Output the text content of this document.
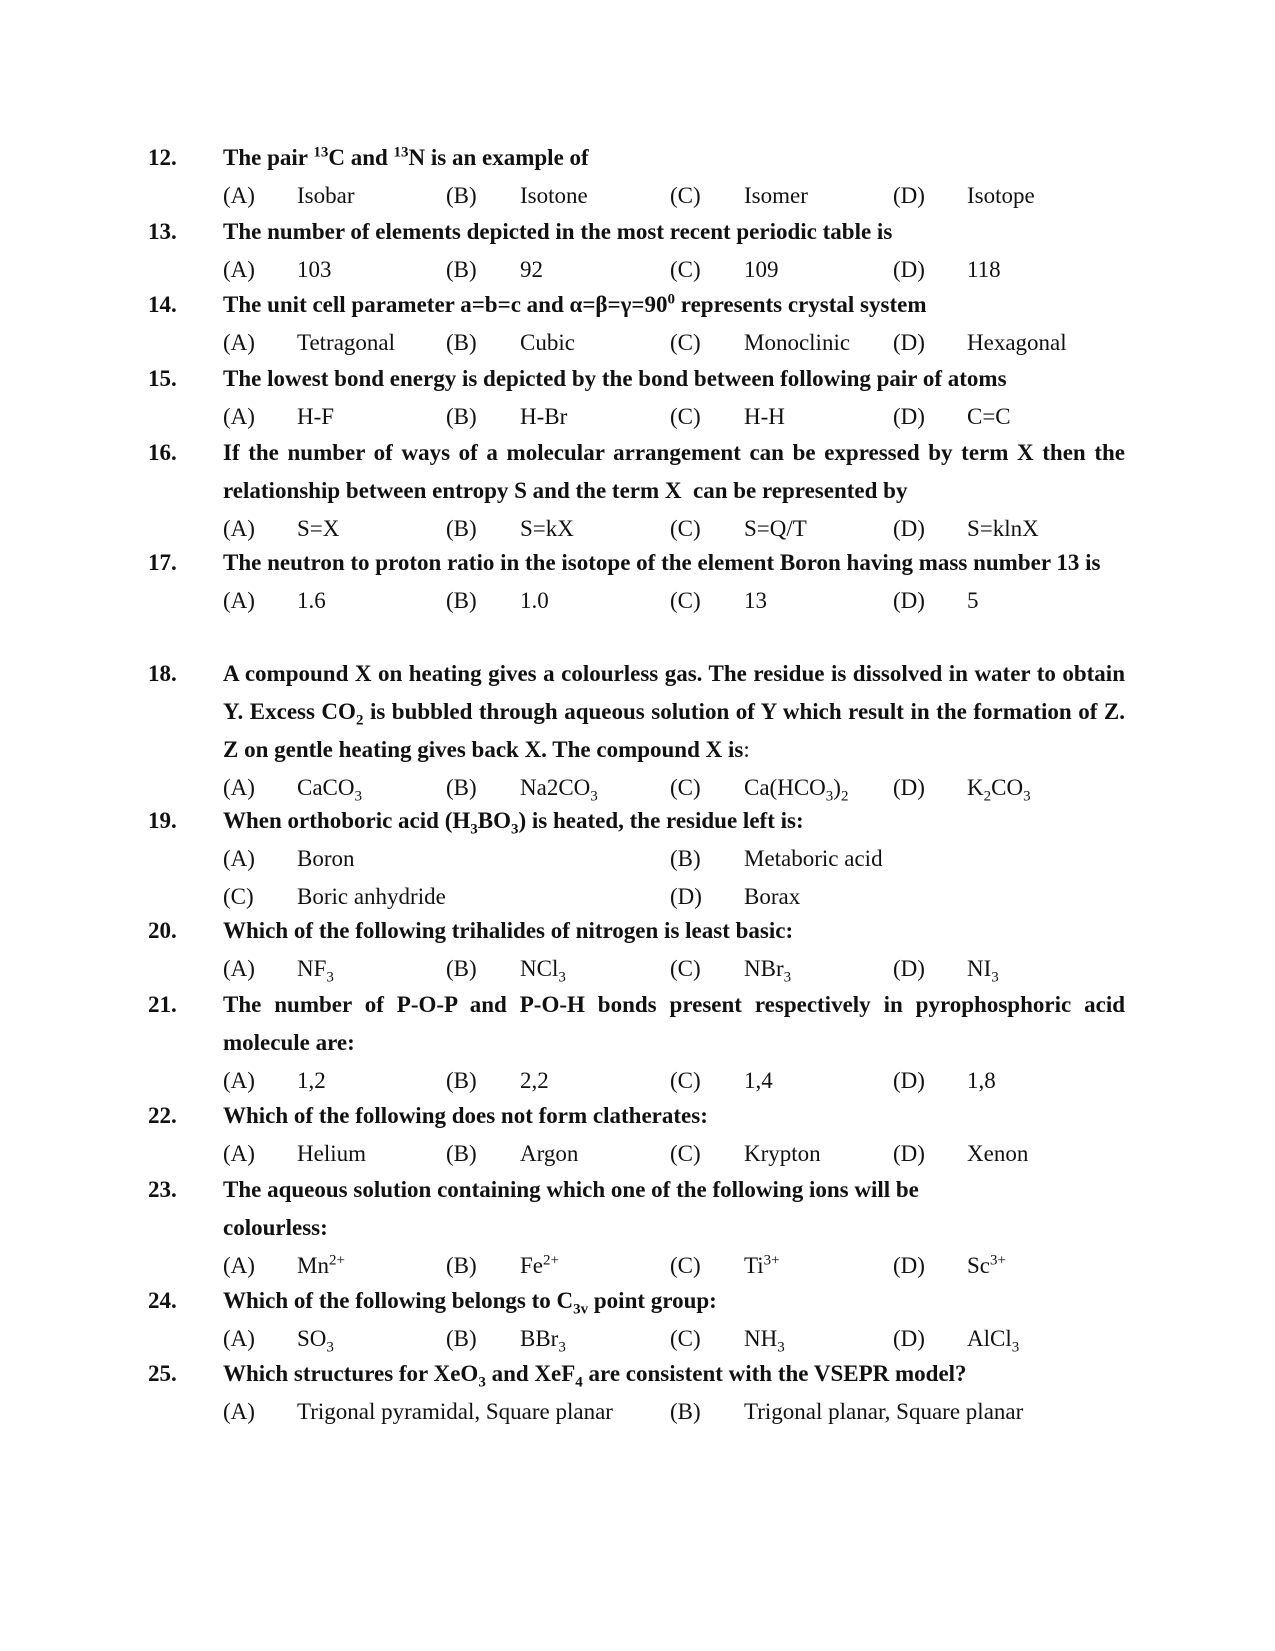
12. The pair $^{13}$C and $^{13}$N is an example of
(A) Isobar	(B) Isotone	(C) Isomer	(D) Isotope
13. The number of elements depicted in the most recent periodic table is
(A) 103	(B) 92	(C) 109	(D) 118
14. The unit cell parameter a=b=c and $\alpha=\beta=\gamma=90^0$ represents crystal system
(A) Tetragonal (B) Cubic	(C) Monoclinic (D) Hexagonal
15. The lowest bond energy is depicted by the bond between following pair of atoms
(A) H-F	(B) H-Br	(C) H-H	(D) C=C
16. If the number of ways of a molecular arrangement can be expressed by term X then the relationship between entropy S and the term X  can be represented by
(A) S=X	(B) S=kX	(C) S=Q/T	(D) S=klnX
17. The neutron to proton ratio in the isotope of the element Boron having mass number 13 is
(A) 1.6	(B) 1.0	(C) 13	(D) 5
18. A compound X on heating gives a colourless gas. The residue is dissolved in water to obtain Y. Excess $CO_2$ is bubbled through aqueous solution of Y which result in the formation of Z. Z on gentle heating gives back X. The compound X is:
(A) CaCO$_3$	(B) $Na2CO_3$	(C) $Ca(HCO_3)_2$ (D) $K_2CO_3$
19. When orthoboric acid $(H_3BO_3)$ is heated, the residue left is:
(A) Boron	(B) Metaboric acid
(C) Boric anhydride	(D) Borax
20. Which of the following trihalides of nitrogen is least basic:
(A) $NF_3$	(B) NCl$_3$	(C) NBr$_3$	(D) $NI_3$
21. The number of P-O-P and P-O-H bonds present respectively in pyrophosphoric acid molecule are:
(A) 1,2	(B) 2,2	(C) 1,4	(D) 1,8
22. Which of the following does not form clatherates:
(A) Helium	(B) Argon	(C) Krypton	(D) Xenon
23. The aqueous solution containing which one of the following ions will be
colourless:
(A) $Mn^{2+}$	(B) $Fe^{2+}$	(C) $Ti^{3+}$	(D) $Sc^{3+}$
24. Which of the following belongs to $C_{3v}$ point group:
(A) $SO_3$	(B) BBr$_3$	(C) $NH_3$	(D) AlCl$_3$
25. Which structures for XeO$_3$ and XeF$_4$ are consistent with the VSEPR model?
(A) Trigonal pyramidal, Square planar (B) Trigonal planar, Square planar
